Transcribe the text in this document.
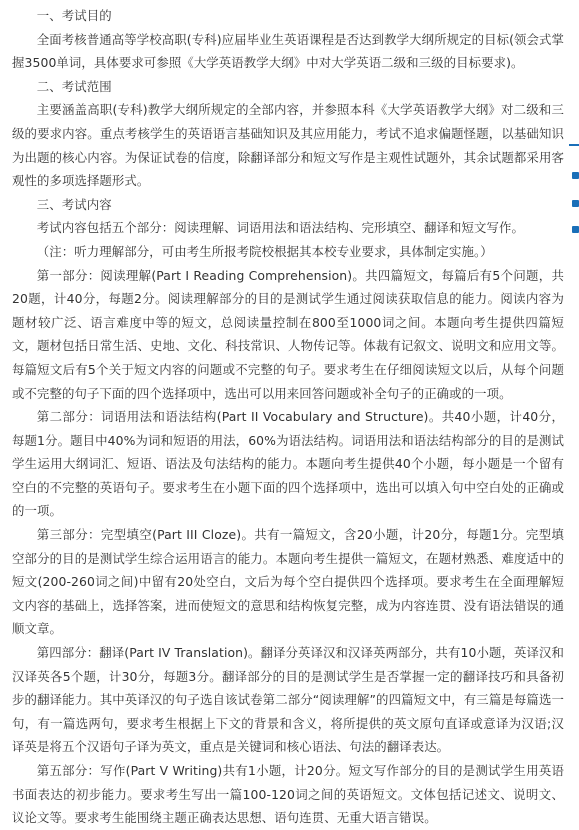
一、考试目的

全面考核普通高等学校高职(专科)应届毕业生英语课程是否达到教学大纲所规定的目标(领会式掌握3500单词，具体要求可参照《大学英语教学大纲》中对大学英语二级和三级的目标要求)。

二、考试范围

主要涵盖高职(专科)教学大纲所规定的全部内容，并参照本科《大学英语教学大纲》对二级和三级的要求内容。重点考核学生的英语语言基础知识及其应用能力，考试不追求偏题怪题，以基础知识为出题的核心内容。为保证试卷的信度，除翻译部分和短文写作是主观性试题外，其余试题都采用客观性的多项选择题形式。

三、考试内容

考试内容包括五个部分：阅读理解、词语用法和语法结构、完形填空、翻译和短文写作。

（注：听力理解部分，可由考生所报考院校根据其本校专业要求，具体制定实施。）

第一部分：阅读理解(Part I Reading Comprehension)。共四篇短文，每篇后有5个问题，共20题，计40分，每题2分。阅读理解部分的目的是测试学生通过阅读获取信息的能力。阅读内容为题材较广泛、语言难度中等的短文，总阅读量控制在800至1000词之间。本题向考生提供四篇短文，题材包括日常生活、史地、文化、科技常识、人物传记等。体裁有记叙文、说明文和应用文等。每篇短文后有5个关于短文内容的问题或不完整的句子。要求考生在仔细阅读短文以后，从每个问题或不完整的句子下面的四个选择项中，选出可以用来回答问题或补全句子的正确或的一项。

第二部分：词语用法和语法结构(Part II Vocabulary and Structure)。共40小题，计40分，每题1分。题目中40%为词和短语的用法，60%为语法结构。词语用法和语法结构部分的目的是测试学生运用大纲词汇、短语、语法及句法结构的能力。本题向考生提供40个小题，每小题是一个留有空白的不完整的英语句子。要求考生在小题下面的四个选择项中，选出可以填入句中空白处的正确或的一项。

第三部分：完型填空(Part III Cloze)。共有一篇短文，含20小题，计20分，每题1分。完型填空部分的目的是测试学生综合运用语言的能力。本题向考生提供一篇短文，在题材熟悉、难度适中的短文(200-260词之间)中留有20处空白，文后为每个空白提供四个选择项。要求考生在全面理解短文内容的基础上，选择答案，进而使短文的意思和结构恢复完整，成为内容连贯、没有语法错误的通顺文章。

第四部分：翻译(Part IV Translation)。翻译分英译汉和汉译英两部分，共有10小题，英译汉和汉译英各5个题，计30分，每题3分。翻译部分的目的是测试学生是否掌握一定的翻译技巧和具备初步的翻译能力。其中英译汉的句子选自该试卷第二部分“阅读理解”的四篇短文中，有三篇是每篇选一句，有一篇选两句，要求考生根据上下文的背景和含义，将所提供的英文原句直译或意译为汉语;汉译英是将五个汉语句子译为英文，重点是关键词和核心语法、句法的翻译表达。

第五部分：写作(Part V Writing)共有1小题，计20分。短文写作部分的目的是测试学生用英语书面表达的初步能力。要求考生写出一篇100-120词之间的英语短文。文体包括记述文、说明文、议论文等。要求考生能围绕主题正确表达思想、语句连贯、无重大语言错误。
